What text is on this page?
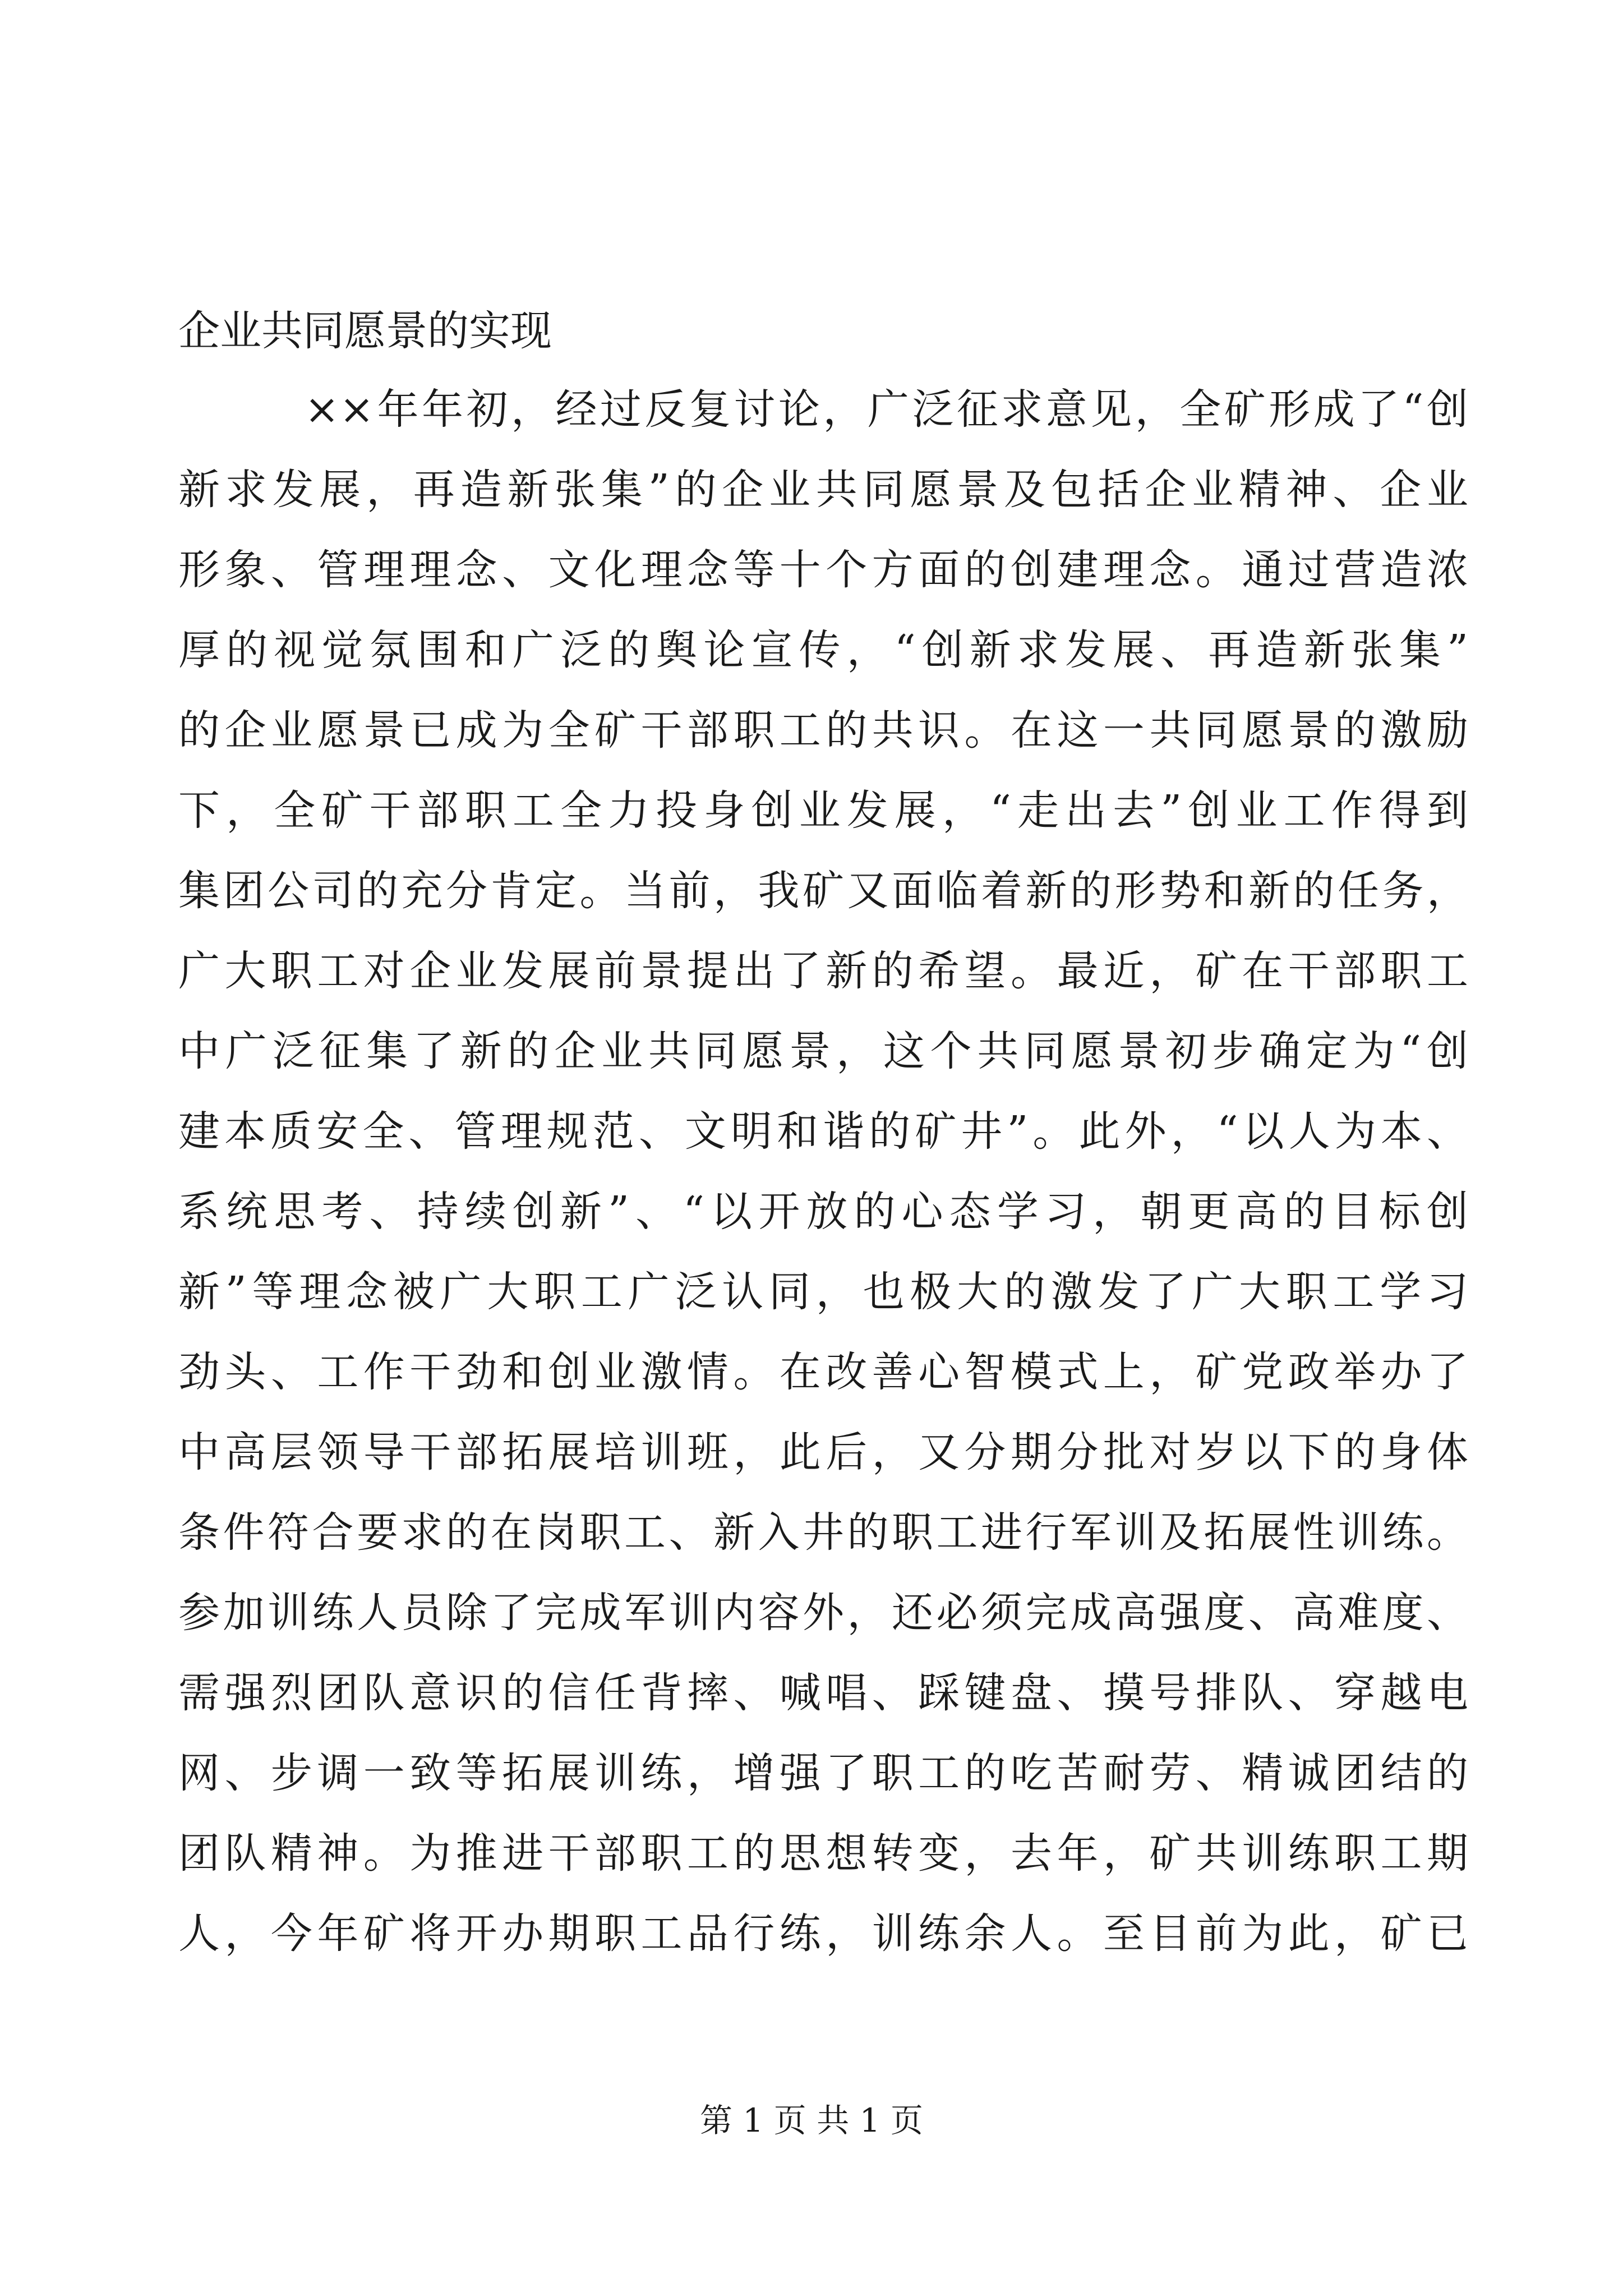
企业共同愿景的实现
××年年初，经过反复讨论，广泛征求意见，全矿形成了“创
新求发展，再造新张集”的企业共同愿景及包括企业精神、企业
形象、管理理念、文化理念等十个方面的创建理念。通过营造浓
厚的视觉氛围和广泛的舆论宣传，“创新求发展、再造新张集”
的企业愿景已成为全矿干部职工的共识。在这一共同愿景的激励
下，全矿干部职工全力投身创业发展，“走出去”创业工作得到
集团公司的充分肯定。当前，我矿又面临着新的形势和新的任务，
广大职工对企业发展前景提出了新的希望。最近，矿在干部职工
中广泛征集了新的企业共同愿景，这个共同愿景初步确定为“创
建本质安全、管理规范、文明和谐的矿井”。此外，“以人为本、
系统思考、持续创新”、“以开放的心态学习，朝更高的目标创
新”等理念被广大职工广泛认同，也极大的激发了广大职工学习
劲头、工作干劲和创业激情。在改善心智模式上，矿党政举办了
中高层领导干部拓展培训班，此后，又分期分批对岁以下的身体
条件符合要求的在岗职工、新入井的职工进行军训及拓展性训练。
参加训练人员除了完成军训内容外，还必须完成高强度、高难度、
需强烈团队意识的信任背摔、喊唱、踩键盘、摸号排队、穿越电
网、步调一致等拓展训练，增强了职工的吃苦耐劳、精诚团结的
团队精神。为推进干部职工的思想转变，去年，矿共训练职工期
人，今年矿将开办期职工品行练，训练余人。至目前为此，矿已
第 1 页 共 1 页
